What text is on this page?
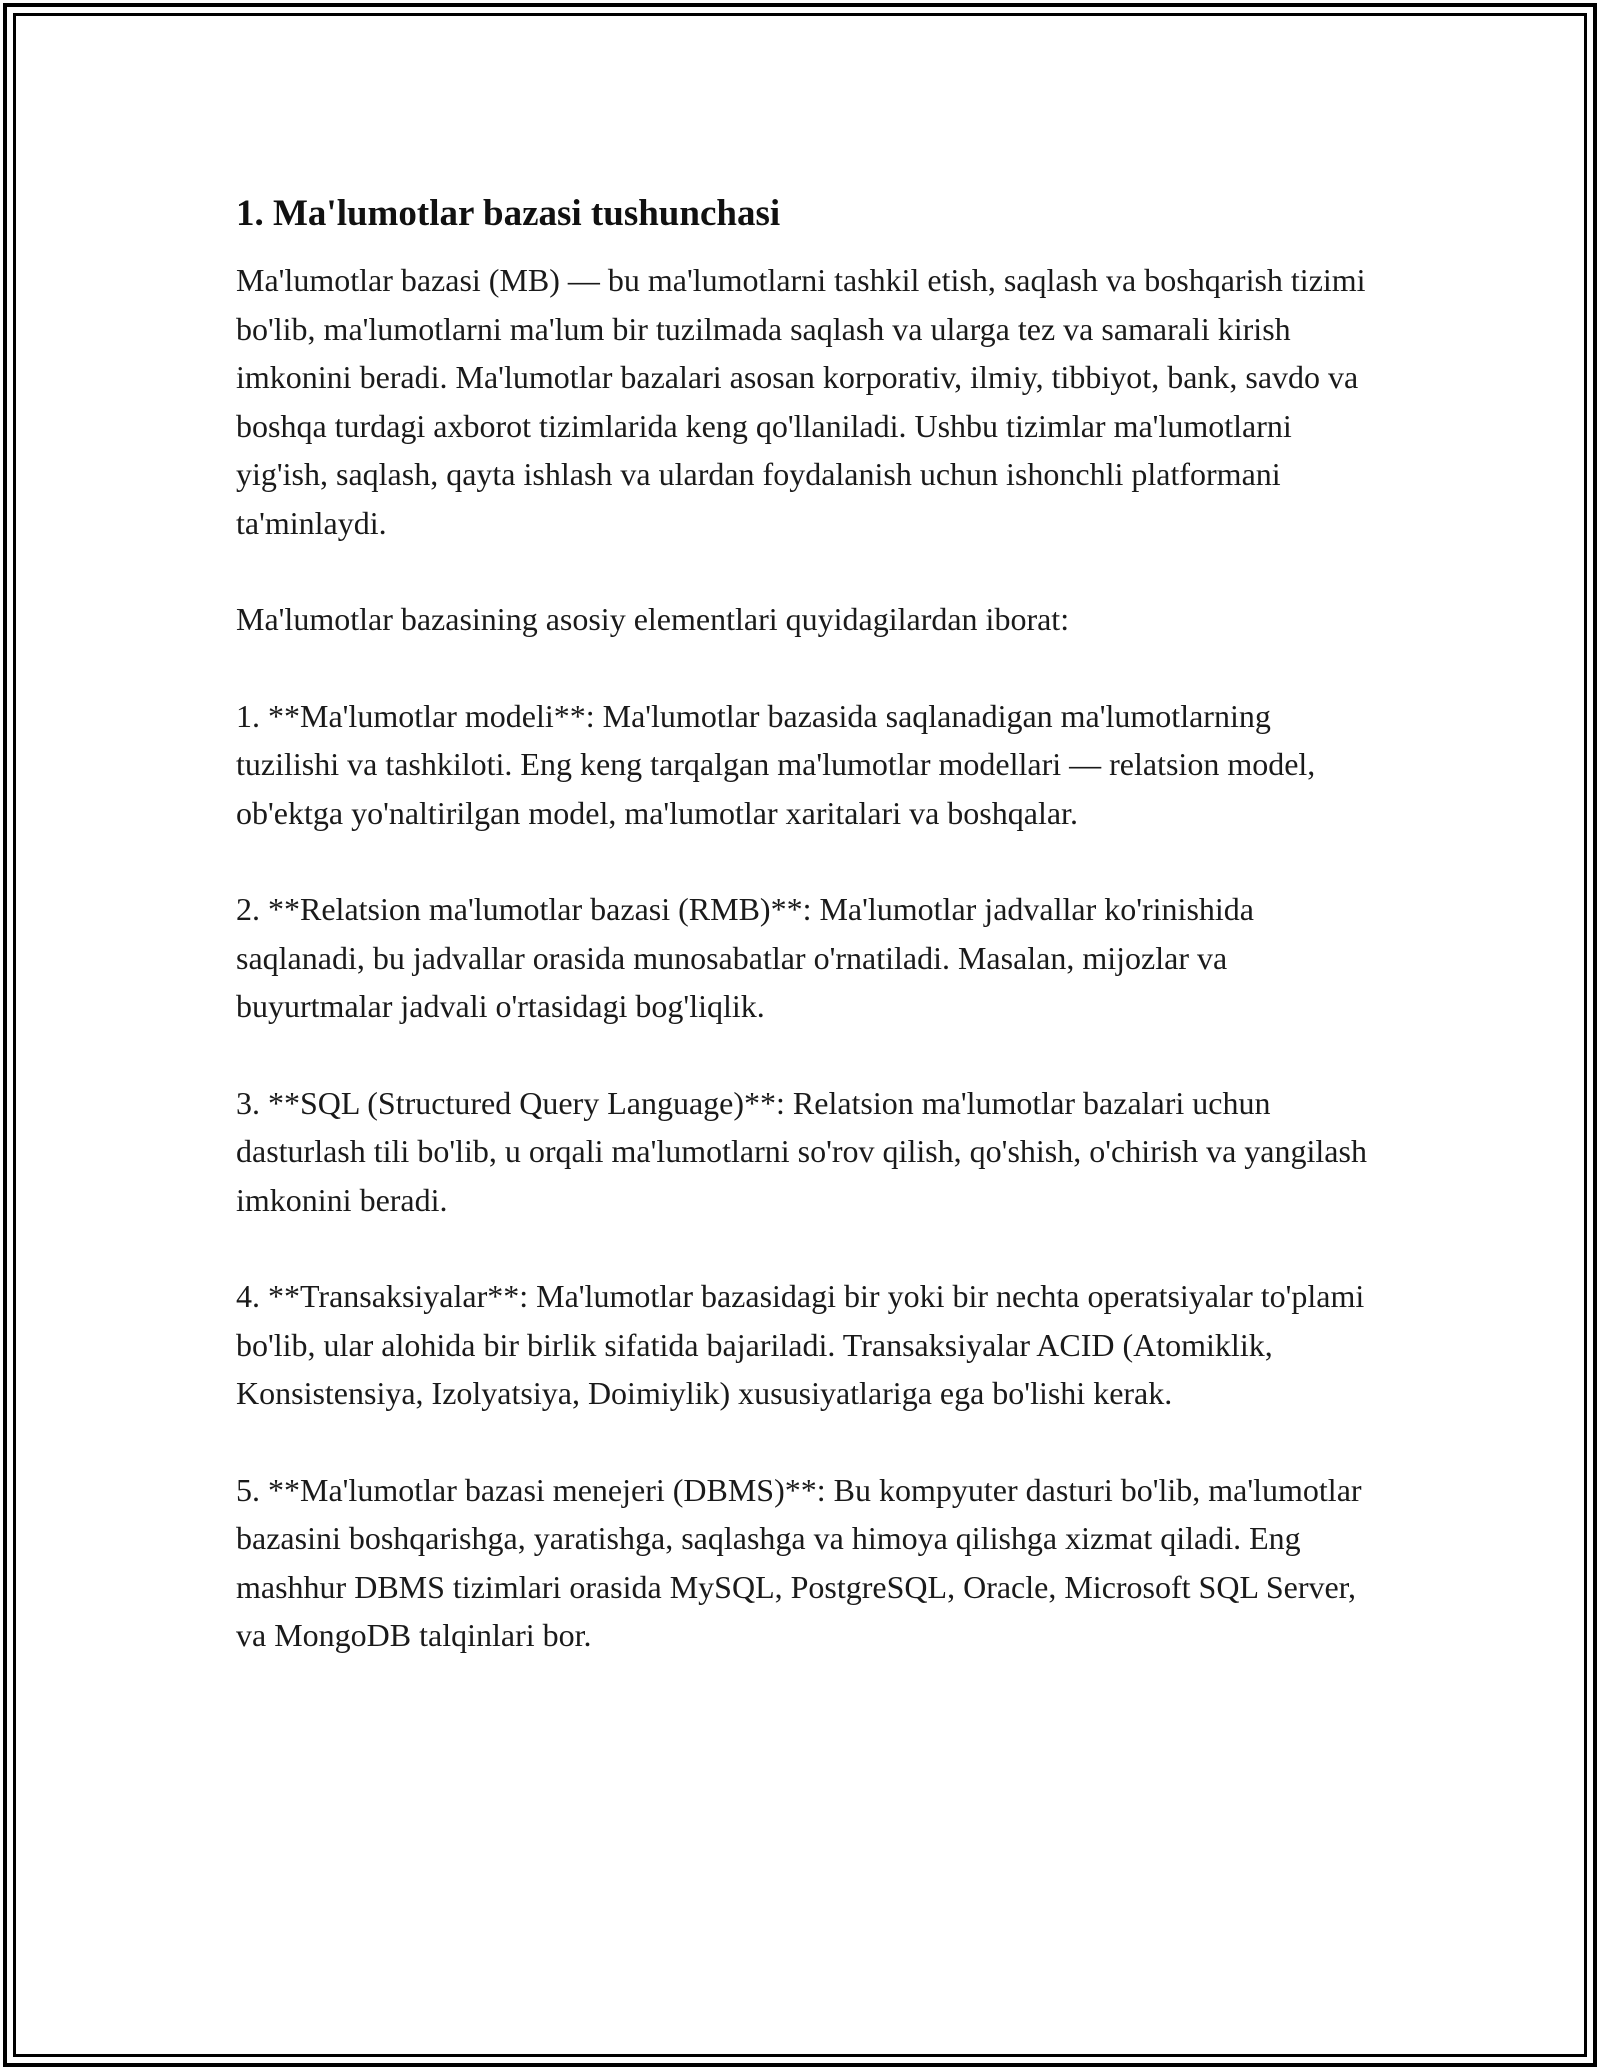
1. Ma'lumotlar bazasi tushunchasi

Ma'lumotlar bazasi (MB) — bu ma'lumotlarni tashkil etish, saqlash va boshqarish tizimi bo'lib, ma'lumotlarni ma'lum bir tuzilmada saqlash va ularga tez va samarali kirish imkonini beradi. Ma'lumotlar bazalari asosan korporativ, ilmiy, tibbiyot, bank, savdo va boshqa turdagi axborot tizimlarida keng qo'llaniladi. Ushbu tizimlar ma'lumotlarni yig'ish, saqlash, qayta ishlash va ulardan foydalanish uchun ishonchli platformani ta'minlaydi.

Ma'lumotlar bazasining asosiy elementlari quyidagilardan iborat:

1. **Ma'lumotlar modeli**: Ma'lumotlar bazasida saqlanadigan ma'lumotlarning tuzilishi va tashkiloti. Eng keng tarqalgan ma'lumotlar modellari — relatsion model, ob'ektga yo'naltirilgan model, ma'lumotlar xaritalari va boshqalar.

2. **Relatsion ma'lumotlar bazasi (RMB)**: Ma'lumotlar jadvallar ko'rinishida saqlanadi, bu jadvallar orasida munosabatlar o'rnatiladi. Masalan, mijozlar va buyurtmalar jadvali o'rtasidagi bog'liqlik.

3. **SQL (Structured Query Language)**: Relatsion ma'lumotlar bazalari uchun dasturlash tili bo'lib, u orqali ma'lumotlarni so'rov qilish, qo'shish, o'chirish va yangilash imkonini beradi.

4. **Transaksiyalar**: Ma'lumotlar bazasidagi bir yoki bir nechta operatsiyalar to'plami bo'lib, ular alohida bir birlik sifatida bajariladi. Transaksiyalar ACID (Atomiklik, Konsistensiya, Izolyatsiya, Doimiylik) xususiyatlariga ega bo'lishi kerak.

5. **Ma'lumotlar bazasi menejeri (DBMS)**: Bu kompyuter dasturi bo'lib, ma'lumotlar bazasini boshqarishga, yaratishga, saqlashga va himoya qilishga xizmat qiladi. Eng mashhur DBMS tizimlari orasida MySQL, PostgreSQL, Oracle, Microsoft SQL Server, va MongoDB talqinlari bor.
